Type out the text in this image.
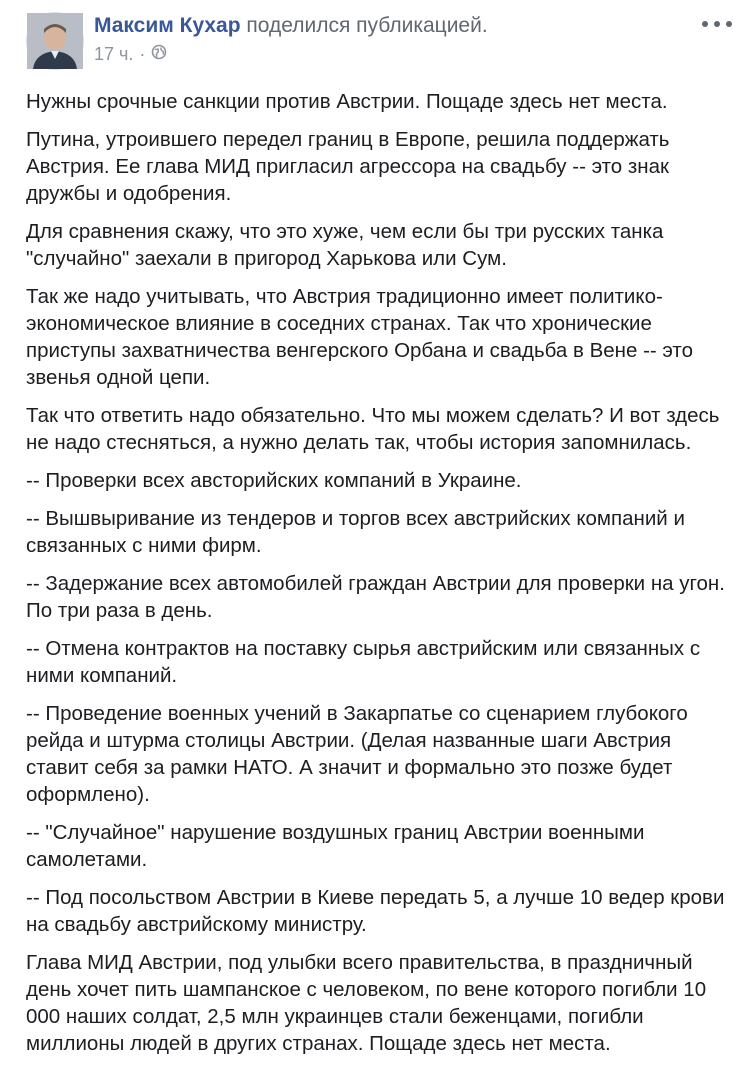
Максим Кухар поделился публикацией.
17 ч. ·

Нужны срочные санкции против Австрии. Пощаде здесь нет места.

Путина, утроившего передел границ в Европе, решила поддержать Австрия. Ее глава МИД пригласил агрессора на свадьбу -- это знак дружбы и одобрения.

Для сравнения скажу, что это хуже, чем если бы три русских танка "случайно" заехали в пригород Харькова или Сум.

Так же надо учитывать, что Австрия традиционно имеет политико-экономическое влияние в соседних странах. Так что хронические приступы захватничества венгерского Орбана и свадьба в Вене -- это звенья одной цепи.

Так что ответить надо обязательно. Что мы можем сделать? И вот здесь не надо стесняться, а нужно делать так, чтобы история запомнилась.

-- Проверки всех австорийских компаний в Украине.

-- Вышвыривание из тендеров и торгов всех австрийских компаний и связанных с ними фирм.

-- Задержание всех автомобилей граждан Австрии для проверки на угон. По три раза в день.

-- Отмена контрактов на поставку сырья австрийским или связанных с ними компаний.

-- Проведение военных учений в Закарпатье со сценарием глубокого рейда и штурма столицы Австрии. (Делая названные шаги Австрия ставит себя за рамки НАТО. А значит и формально это позже будет оформлено).

-- "Случайное" нарушение воздушных границ Австрии военными самолетами.

-- Под посольством Австрии в Киеве передать 5, а лучше 10 ведер крови на свадьбу австрийскому министру.

Глава МИД Австрии, под улыбки всего правительства, в праздничный день хочет пить шампанское с человеком, по вене которого погибли 10 000 наших солдат, 2,5 млн украинцев стали беженцами, погибли миллионы людей в других странах. Пощаде здесь нет места.
